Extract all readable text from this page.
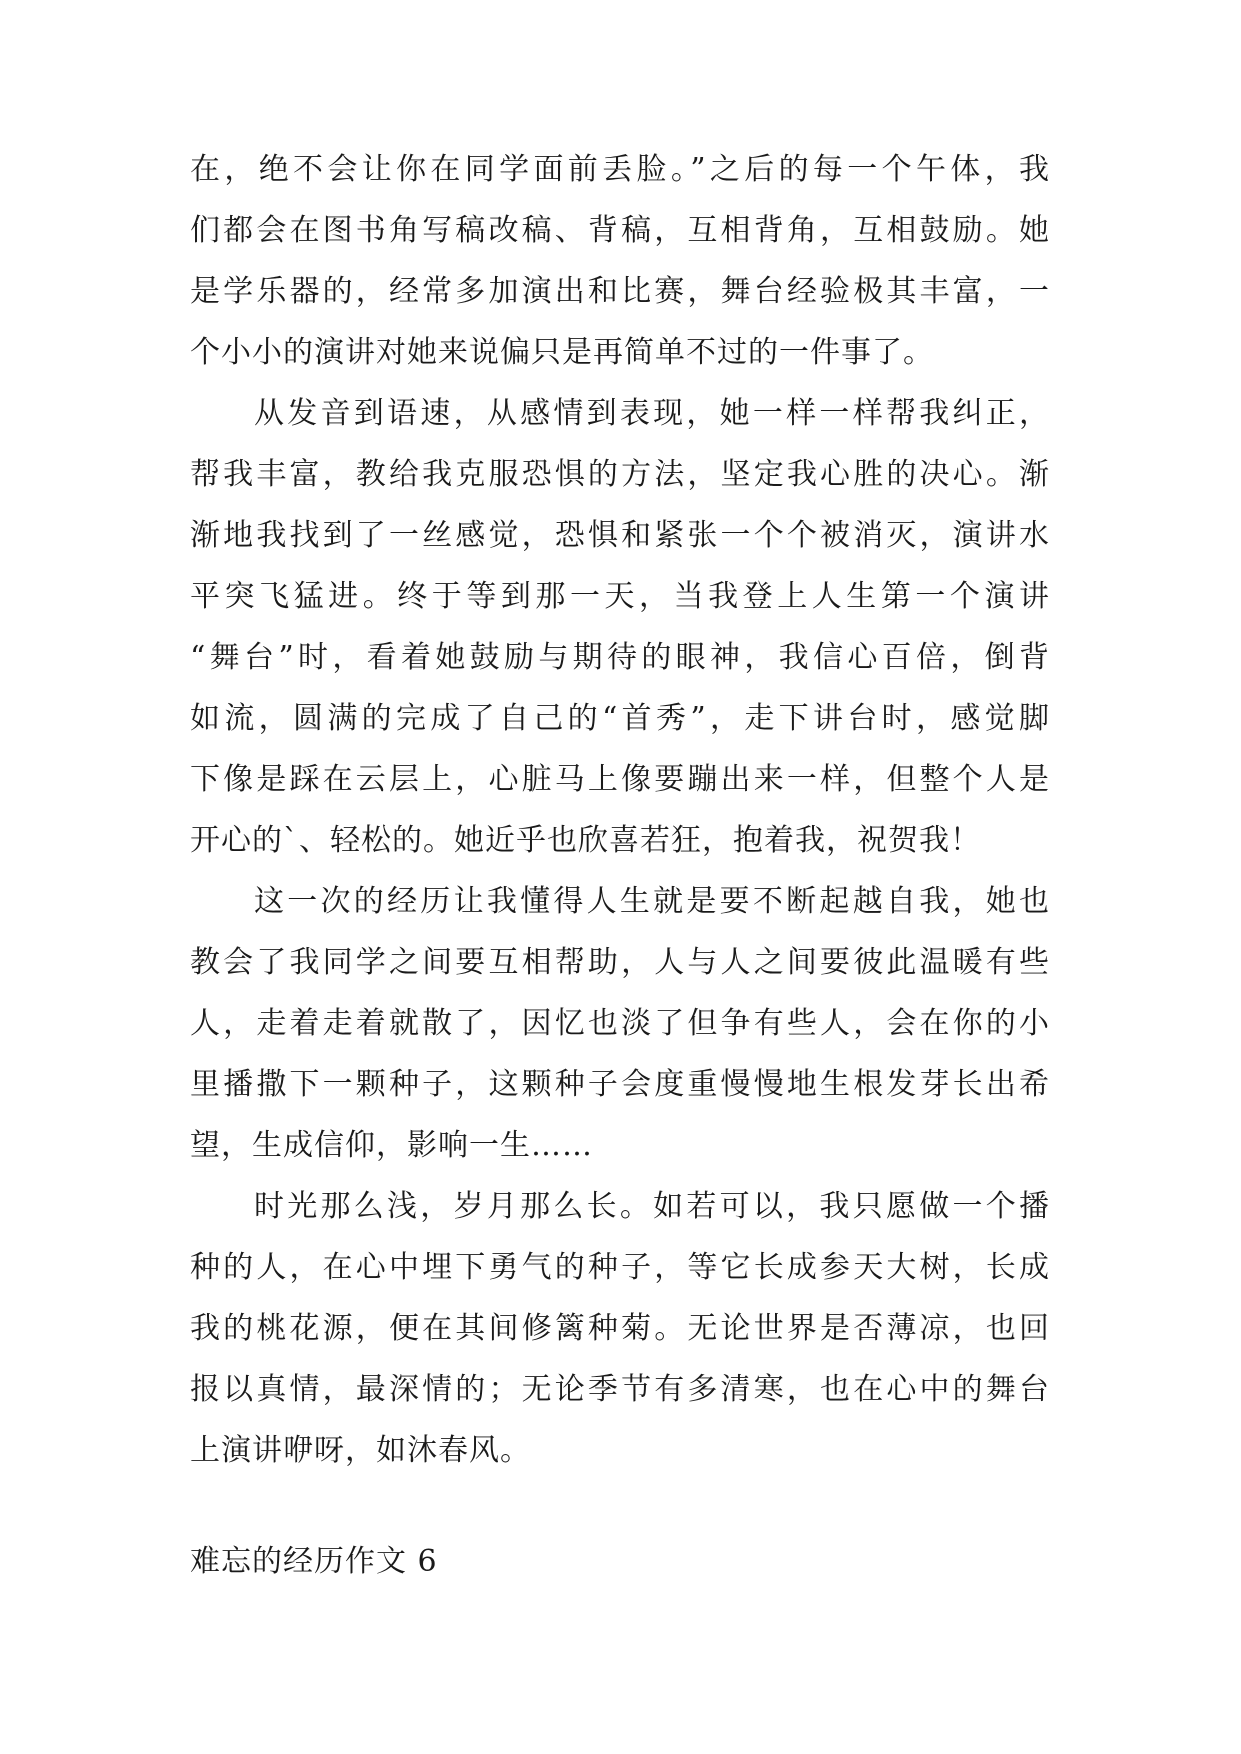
在，绝不会让你在同学面前丢脸。”之后的每一个午体，我
们都会在图书角写稿改稿、背稿，互相背角，互相鼓励。她
是学乐器的，经常多加演出和比赛，舞台经验极其丰富，一
个小小的演讲对她来说偏只是再简单不过的一件事了。
从发音到语速，从感情到表现，她一样一样帮我纠正，
帮我丰富，教给我克服恐惧的方法，坚定我心胜的决心。渐
渐地我找到了一丝感觉，恐惧和紧张一个个被消灭，演讲水
平突飞猛进。终于等到那一天，当我登上人生第一个演讲
“舞台”时，看着她鼓励与期待的眼神，我信心百倍，倒背
如流，圆满的完成了自己的“首秀”，走下讲台时，感觉脚
下像是踩在云层上，心脏马上像要蹦出来一样，但整个人是
开心的`、轻松的。她近乎也欣喜若狂，抱着我，祝贺我！
这一次的经历让我懂得人生就是要不断起越自我，她也
教会了我同学之间要互相帮助，人与人之间要彼此温暖有些
人，走着走着就散了，因忆也淡了但争有些人，会在你的小
里播撒下一颗种子，这颗种子会度重慢慢地生根发芽长出希
望，生成信仰，影响一生……
时光那么浅，岁月那么长。如若可以，我只愿做一个播
种的人，在心中埋下勇气的种子，等它长成参天大树，长成
我的桃花源，便在其间修篱种菊。无论世界是否薄凉，也回
报以真情，最深情的；无论季节有多清寒，也在心中的舞台
上演讲咿呀，如沐春风。
难忘的经历作文 6
